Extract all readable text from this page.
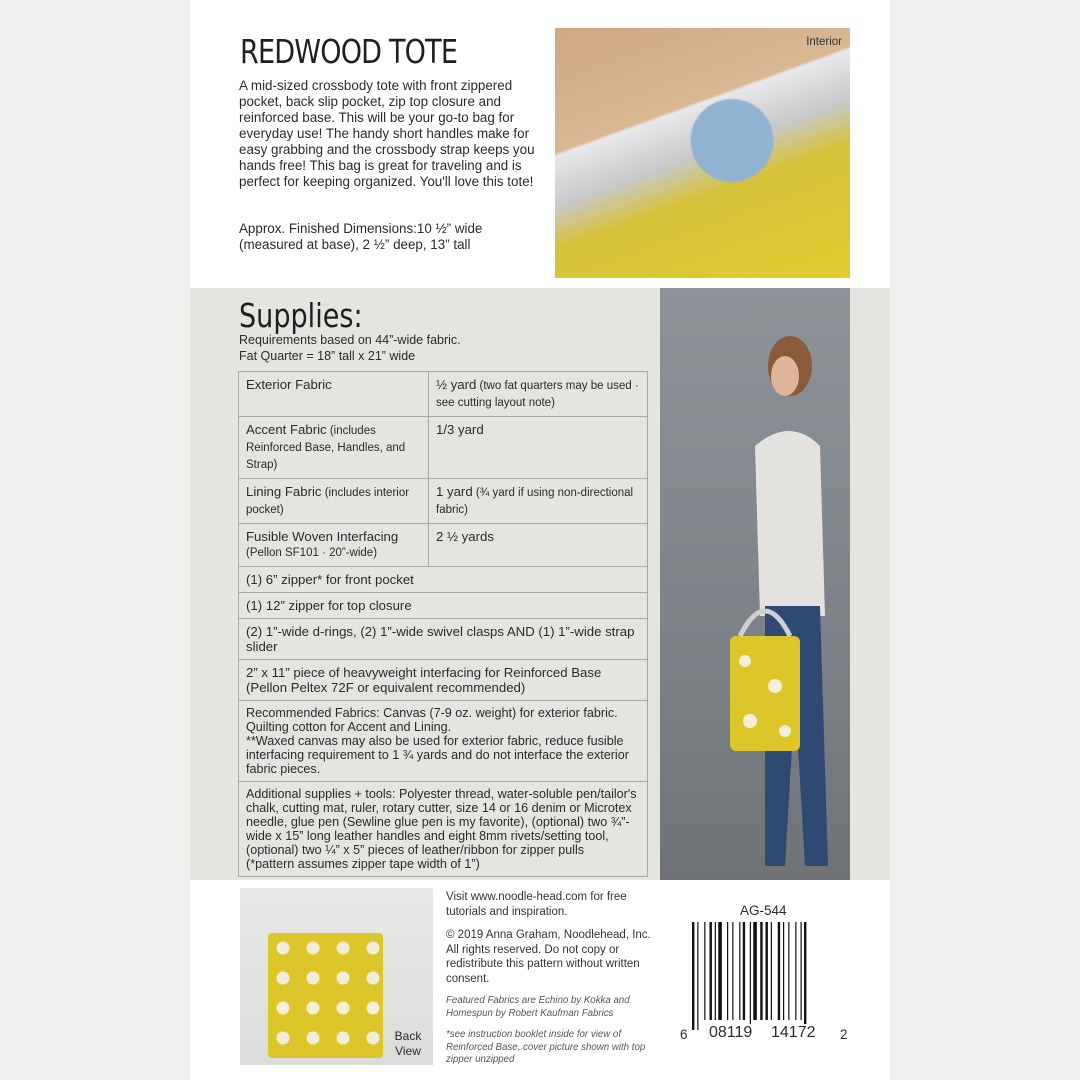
REDWOOD TOTE
A mid-sized crossbody tote with front zippered pocket, back slip pocket, zip top closure and reinforced base. This will be your go-to bag for everyday use! The handy short handles make for easy grabbing and the crossbody strap keeps you hands free! This bag is great for traveling and is perfect for keeping organized. You'll love this tote!
Approx. Finished Dimensions:10 ½” wide (measured at base), 2 ½” deep, 13” tall
Interior
Supplies:
Requirements based on 44”-wide fabric.
Fat Quarter = 18” tall x 21” wide
Exterior Fabric	½ yard (two fat quarters may be used · see cutting layout note)
Accent Fabric (includes Reinforced Base, Handles, and Strap)	1/3 yard
Lining Fabric (includes interior pocket)	1 yard (¾ yard if using non-directional fabric)
Fusible Woven Interfacing
(Pellon SF101 · 20”-wide)	2 ½ yards
(1) 6” zipper* for front pocket	
(1) 12” zipper for top closure	
(2) 1”-wide d-rings, (2) 1”-wide swivel clasps AND (1) 1”-wide strap slider	
2” x 11” piece of heavyweight interfacing for Reinforced Base (Pellon Peltex 72F or equivalent recommended)	
Recommended Fabrics: Canvas (7-9 oz. weight) for exterior fabric. Quilting cotton for Accent and Lining.
**Waxed canvas may also be used for exterior fabric, reduce fusible interfacing requirement to 1 ¾ yards and do not interface the exterior fabric pieces.	
Additional supplies + tools: Polyester thread, water-soluble pen/tailor's chalk, cutting mat, ruler, rotary cutter, size 14 or 16 denim or Microtex needle, glue pen (Sewline glue pen is my favorite), (optional) two ¾”-wide x 15” long leather handles and eight 8mm rivets/setting tool, (optional) two ¼” x 5” pieces of leather/ribbon for zipper pulls
(*pattern assumes zipper tape width of 1”)	
Back View

Visit www.noodle-head.com for free tutorials and inspiration.

© 2019 Anna Graham, Noodlehead, Inc. All rights reserved. Do not copy or redistribute this pattern without written consent.

Featured Fabrics are Echino by Kokka and Homespun by Robert Kaufman Fabrics

*see instruction booklet inside for view of Reinforced Base, cover picture shown with top zipper unzipped

AG-544
6 08119 14172 2
